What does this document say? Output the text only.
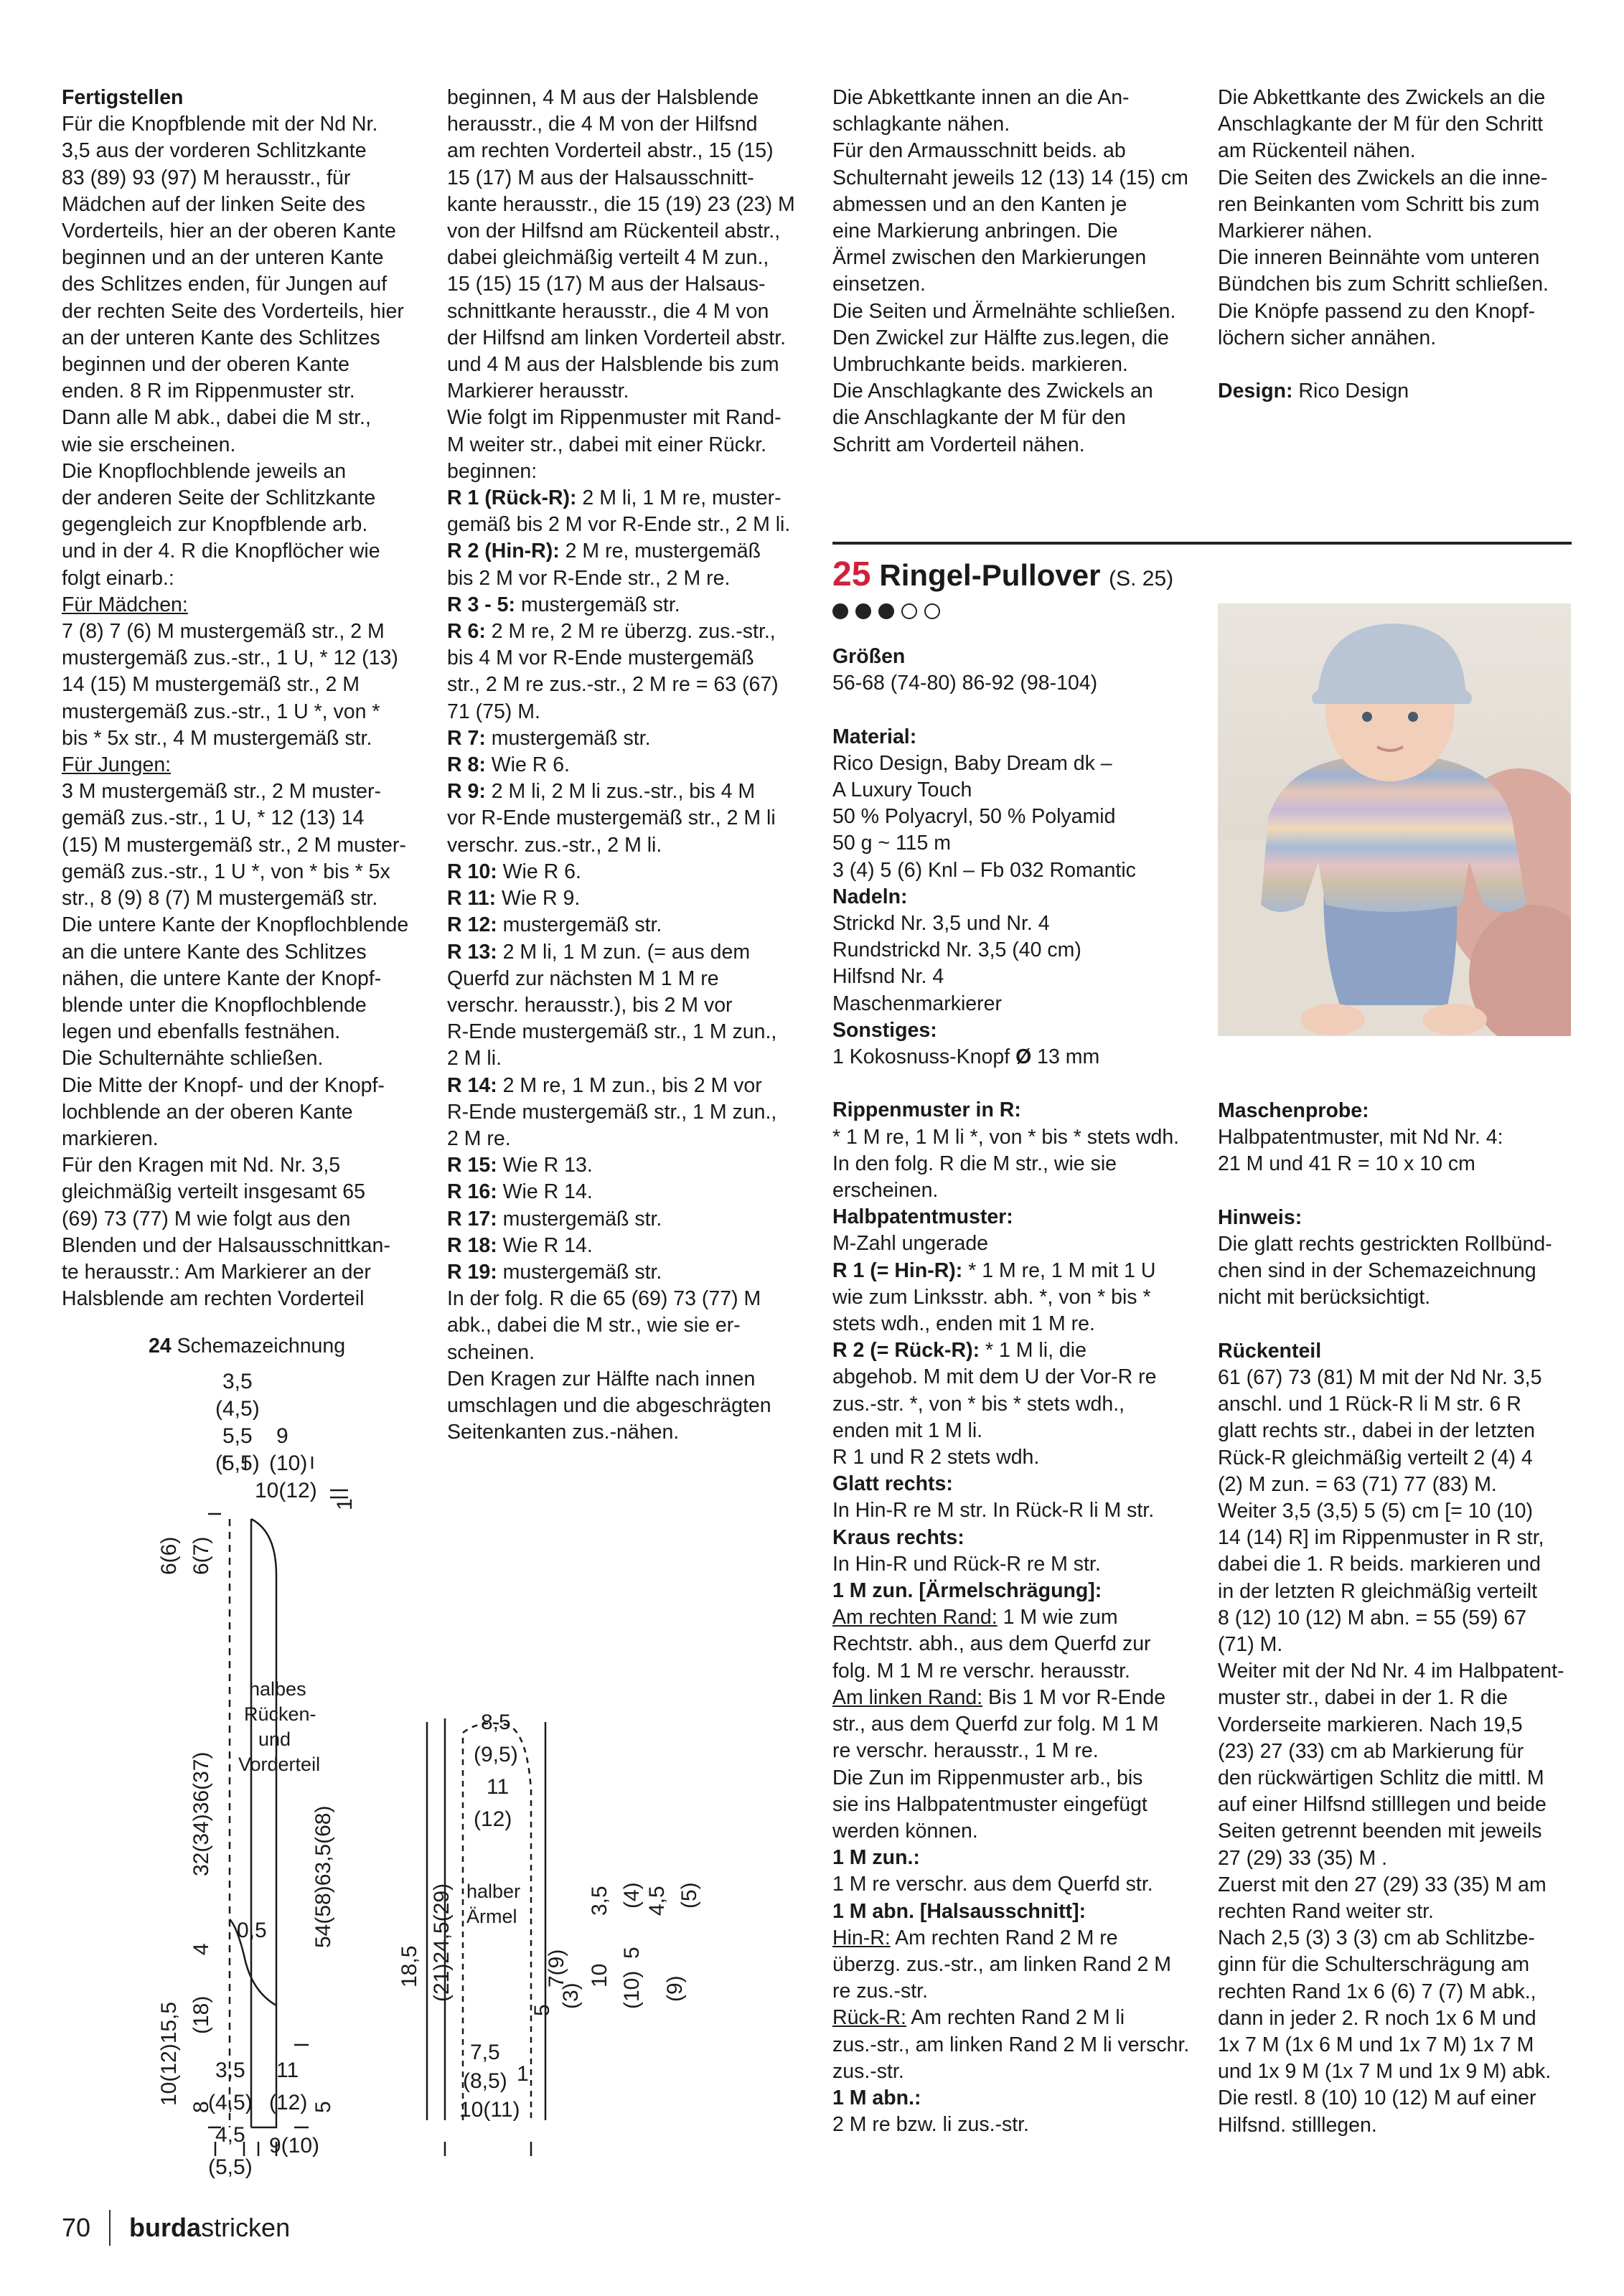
Fertigstellen

Für die Knopfblende mit der Nd Nr.

3,5 aus der vorderen Schlitzkante

83 (89) 93 (97) M herausstr., für

Mädchen auf der linken Seite des

Vorderteils, hier an der oberen Kante

beginnen und an der unteren Kante

des Schlitzes enden, für Jungen auf

der rechten Seite des Vorderteils, hier

an der unteren Kante des Schlitzes

beginnen und der oberen Kante

enden. 8 R im Rippenmuster str.

Dann alle M abk., dabei die M str.,

wie sie erscheinen.

Die Knopflochblende jeweils an

der anderen Seite der Schlitzkante

gegengleich zur Knopfblende arb.

und in der 4. R die Knopflöcher wie

folgt einarb.:

Für Mädchen:

7 (8) 7 (6) M mustergemäß str., 2 M

mustergemäß zus.-str., 1 U, * 12 (13)

14 (15) M mustergemäß str., 2 M

mustergemäß zus.-str., 1 U *, von *

bis * 5x str., 4 M mustergemäß str.

Für Jungen:

3 M mustergemäß str., 2 M muster-

gemäß zus.-str., 1 U, * 12 (13) 14

(15) M mustergemäß str., 2 M muster-

gemäß zus.-str., 1 U *, von * bis * 5x

str., 8 (9) 8 (7) M mustergemäß str.

Die untere Kante der Knopflochblende

an die untere Kante des Schlitzes

nähen, die untere Kante der Knopf-

blende unter die Knopflochblende

legen und ebenfalls festnähen.

Die Schulternähte schließen.

Die Mitte der Knopf- und der Knopf-

lochblende an der oberen Kante

markieren.

Für den Kragen mit Nd. Nr. 3,5

gleichmäßig verteilt insgesamt 65

(69) 73 (77) M wie folgt aus den

Blenden und der Halsausschnittkan-

te herausstr.: Am Markierer an der

Halsblende am rechten Vorderteil

beginnen, 4 M aus der Halsblende

herausstr., die 4 M von der Hilfsnd

am rechten Vorderteil abstr., 15 (15)

15 (17) M aus der Halsausschnitt-

kante herausstr., die 15 (19) 23 (23) M

von der Hilfsnd am Rückenteil abstr.,

dabei gleichmäßig verteilt 4 M zun.,

15 (15) 15 (17) M aus der Halsaus-

schnittkante herausstr., die 4 M von

der Hilfsnd am linken Vorderteil abstr.

und 4 M aus der Halsblende bis zum

Markierer herausstr.

Wie folgt im Rippenmuster mit Rand-

M weiter str., dabei mit einer Rückr.

beginnen:

R 1 (Rück-R): 2 M li, 1 M re, muster-

gemäß bis 2 M vor R-Ende str., 2 M li.

R 2 (Hin-R): 2 M re, mustergemäß

bis 2 M vor R-Ende str., 2 M re.

R 3 - 5: mustergemäß str.

R 6: 2 M re, 2 M re überzg. zus.-str.,

bis 4 M vor R-Ende mustergemäß

str., 2 M re zus.-str., 2 M re = 63 (67)

71 (75) M.

R 7: mustergemäß str.

R 8: Wie R 6.

R 9: 2 M li, 2 M li zus.-str., bis 4 M

vor R-Ende mustergemäß str., 2 M li

verschr. zus.-str., 2 M li.

R 10: Wie R 6.

R 11: Wie R 9.

R 12: mustergemäß str.

R 13: 2 M li, 1 M zun. (= aus dem

Querfd zur nächsten M 1 M re

verschr. herausstr.), bis 2 M vor

R-Ende mustergemäß str., 1 M zun.,

2 M li.

R 14: 2 M re, 1 M zun., bis 2 M vor

R-Ende mustergemäß str., 1 M zun.,

2 M re.

R 15: Wie R 13.

R 16: Wie R 14.

R 17: mustergemäß str.

R 18: Wie R 14.

R 19: mustergemäß str.

In der folg. R die 65 (69) 73 (77) M

abk., dabei die M str., wie sie er-

scheinen.

Den Kragen zur Hälfte nach innen

umschlagen und die abgeschrägten

Seitenkanten zus.-nähen.

Die Abkettkante innen an die An-

schlagkante nähen.

Für den Armausschnitt beids. ab

Schulternaht jeweils 12 (13) 14 (15) cm

abmessen und an den Kanten je

eine Markierung anbringen. Die

Ärmel zwischen den Markierungen

einsetzen.

Die Seiten und Ärmelnähte schließen.

Den Zwickel zur Hälfte zus.legen, die

Umbruchkante beids. markieren.

Die Anschlagkante des Zwickels an

die Anschlagkante der M für den

Schritt am Vorderteil nähen.

Die Abkettkante des Zwickels an die

Anschlagkante der M für den Schritt

am Rückenteil nähen.

Die Seiten des Zwickels an die inne-

ren Beinkanten vom Schritt bis zum

Markierer nähen.

Die inneren Beinnähte vom unteren

Bündchen bis zum Schritt schließen.

Die Knöpfe passend zu den Knopf-

löchern sicher annähen.

Design: Rico Design

25 Ringel-Pullover (S. 25)

Größen

56-68 (74-80) 86-92 (98-104)

Material:

Rico Design, Baby Dream dk –

A Luxury Touch

50 % Polyacryl, 50 % Polyamid

50 g ~ 115 m

3 (4) 5 (6) Knl – Fb 032 Romantic

Nadeln:

Strickd Nr. 3,5 und Nr. 4

Rundstrickd Nr. 3,5 (40 cm)

Hilfsnd Nr. 4

Maschenmarkierer

Sonstiges:

1 Kokosnuss-Knopf Ø 13 mm

Rippenmuster in R:

* 1 M re, 1 M li *, von * bis * stets wdh.

In den folg. R die M str., wie sie

erscheinen.

Halbpatentmuster:

M-Zahl ungerade

R 1 (= Hin-R): * 1 M re, 1 M mit 1 U

wie zum Linksstr. abh. *, von * bis *

stets wdh., enden mit 1 M re.

R 2 (= Rück-R): * 1 M li, die

abgehob. M mit dem U der Vor-R re

zus.-str. *, von * bis * stets wdh.,

enden mit 1 M li.

R 1 und R 2 stets wdh.

Glatt rechts:

In Hin-R re M str. In Rück-R li M str.

Kraus rechts:

In Hin-R und Rück-R re M str.

1 M zun. [Ärmelschrägung]:

Am rechten Rand: 1 M wie zum

Rechtstr. abh., aus dem Querfd zur

folg. M 1 M re verschr. herausstr.

Am linken Rand: Bis 1 M vor R-Ende

str., aus dem Querfd zur folg. M 1 M

re verschr. herausstr., 1 M re.

Die Zun im Rippenmuster arb., bis

sie ins Halbpatentmuster eingefügt

werden können.

1 M zun.:

1 M re verschr. aus dem Querfd str.

1 M abn. [Halsausschnitt]:

Hin-R: Am rechten Rand 2 M re

überzg. zus.-str., am linken Rand 2 M

re zus.-str.

Rück-R: Am rechten Rand 2 M li

zus.-str., am linken Rand 2 M li verschr.

zus.-str.

1 M abn.:

2 M re bzw. li zus.-str.

Maschenprobe:

Halbpatentmuster, mit Nd Nr. 4:

21 M und 41 R = 10 x 10 cm

Hinweis:

Die glatt rechts gestrickten Rollbünd-

chen sind in der Schemazeichnung

nicht mit berücksichtigt.

Rückenteil

61 (67) 73 (81) M mit der Nd Nr. 3,5

anschl. und 1 Rück-R li M str. 6 R

glatt rechts str., dabei in der letzten

Rück-R gleichmäßig verteilt 2 (4) 4

(2) M zun. = 63 (71) 77 (83) M.

Weiter 3,5 (3,5) 5 (5) cm [= 10 (10)

14 (14) R] im Rippenmuster in R str,

dabei die 1. R beids. markieren und

in der letzten R gleichmäßig verteilt

8 (12) 10 (12) M abn. = 55 (59) 67

(71) M.

Weiter mit der Nd Nr. 4 im Halbpatent-

muster str., dabei in der 1. R die

Vorderseite markieren. Nach 19,5

(23) 27 (33) cm ab Markierung für

den rückwärtigen Schlitz die mittl. M

auf einer Hilfsnd stilllegen und beide

Seiten getrennt beenden mit jeweils

27 (29) 33 (35) M .

Zuerst mit den 27 (29) 33 (35) M am

rechten Rand weiter str.

Nach 2,5 (3) 3 (3) cm ab Schlitzbe-

ginn für die Schulterschrägung am

rechten Rand 1x 6 (6) 7 (7) M abk.,

dann in jeder 2. R noch 1x 6 M und

1x 7 M (1x 6 M und 1x 7 M) 1x 7 M

und 1x 9 M (1x 7 M und 1x 9 M) abk.

Die restl. 8 (10) 10 (12) M auf einer

Hilfsnd. stilllegen.

24 Schemazeichnung
3,5
(4,5)
5,5 9
(5,5) (10)
10(12)
1
6(6) 6(7)
32(34)36(37)
10(12)15,5 (18)
4
8
54(58)63,5(68)
5
0,5
9(10)
halbes
Rücken-
und
Vorderteil
halber
Ärmel
3,5 11
(4,5) (12)
4,5
(5,5)
7,5
(8,5) 1
10(11)
8,5
(9,5)
11
(12)
18,5 (21)24,5(29)	3,5 (4) 4,5 (5)
7(9) 10
(3) (10)
5
(9)
5
70 burdastricken
